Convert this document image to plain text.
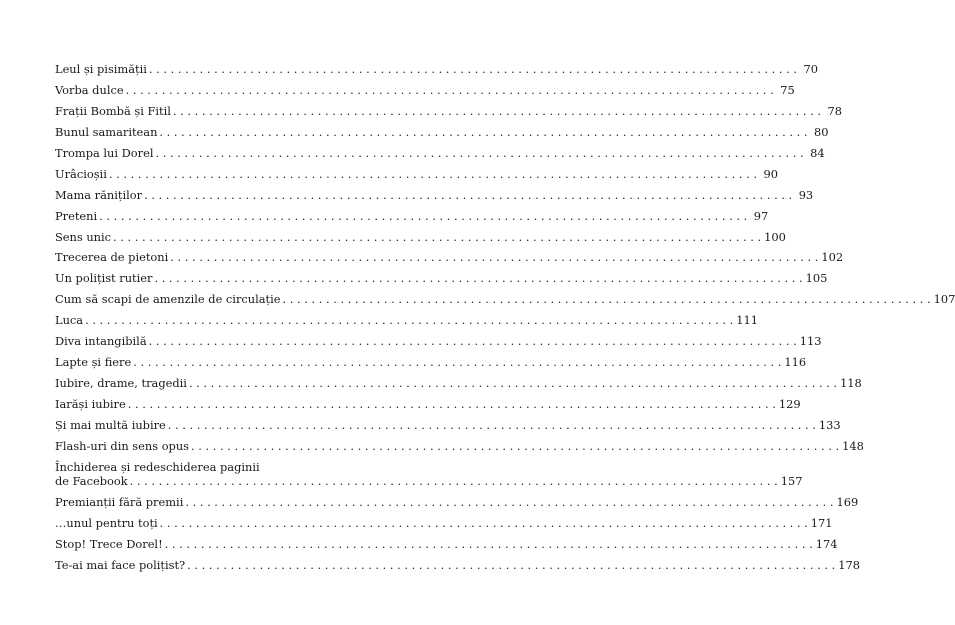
Leul și pisimății . . .	70
Vorba dulce . . .	75
Frații Bombă și Fitil . . .	78
Bunul samaritean . . .	80
Trompa lui Dorel . . .	84
Urâcioșii . . .	90
Mama răniților . . .	93
Preteni . . .	97
Sens unic . . .	100
Trecerea de pietoni . . .	102
Un polițist rutier . . .	105
Cum să scapi de amenzile de circulație . . .	107
Luca . . .	111
Diva intangibilă . . .	113
Lapte și fiere . . .	116
Iubire, drame, tragedii . . .	118
Iarăși iubire . . .	129
Și mai multă iubire . . .	133
Flash-uri din sens opus . . .	148
Închiderea și redeschiderea paginii
de Facebook . . .	157
Premianții fără premii . . .	169
…unul pentru toți . . .	171
Stop! Trece Dorel! . . .	174
Te-ai mai face polițist? . . .	178
